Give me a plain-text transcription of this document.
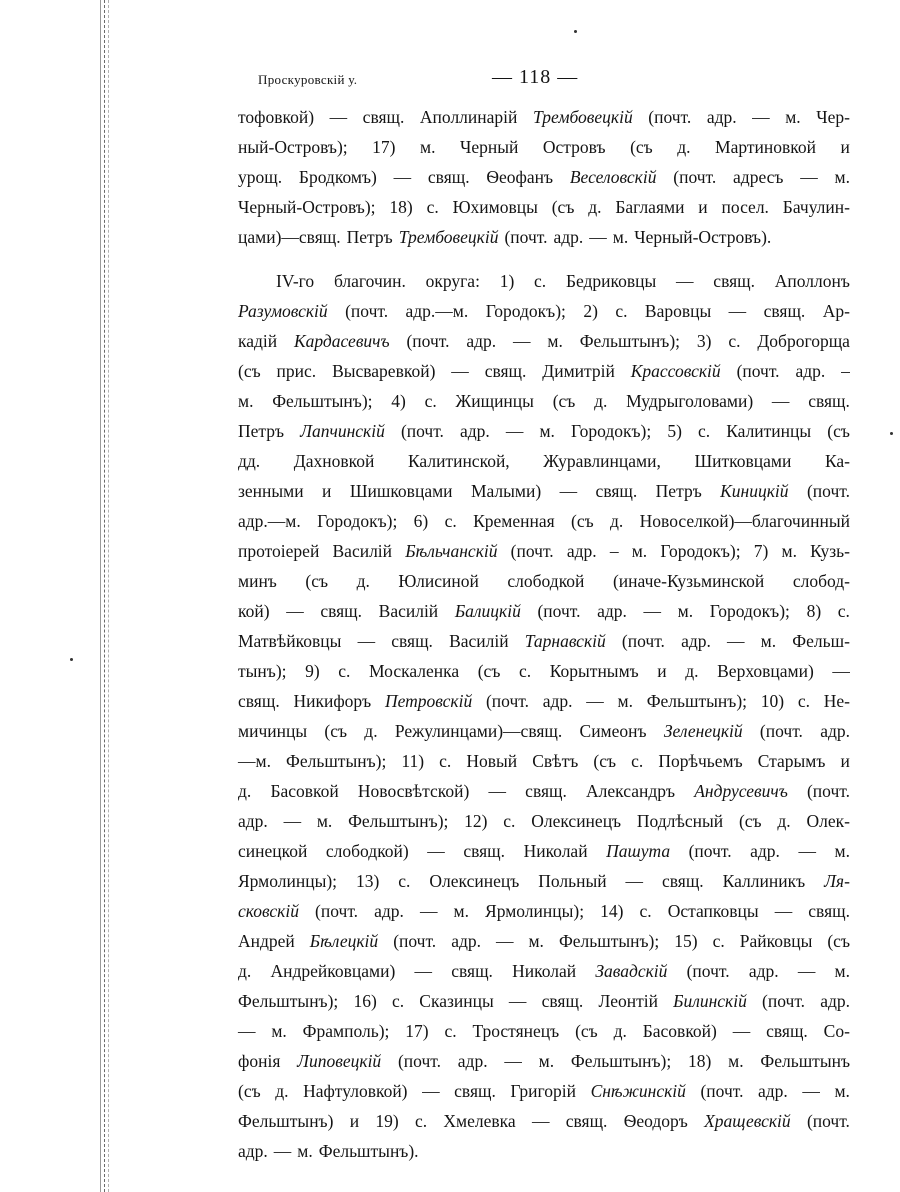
Проскуровскій у.	— 118 —
тофовкой) — свящ. Аполлинарій Трембовецкій (почт. адр. — м. Чер-
ный-Островъ); 17) м. Черный Островъ (съ д. Мартиновкой и
урощ. Бродкомъ) — свящ. Ѳеофанъ Веселовскій (почт. адресъ — м.
Черный-Островъ); 18) с. Юхимовцы (съ д. Баглаями и посел. Бачулин-
цами)—свящ. Петръ Трембовецкій (почт. адр. — м. Черный-Островъ).
IV-го благочин. округа: 1) с. Бедриковцы — свящ. Аполлонъ
Разумовскій (почт. адр.—м. Городокъ); 2) с. Варовцы — свящ. Ар-
кадій Кардасевичъ (почт. адр. — м. Фельштынъ); 3) с. Доброгорща
(съ прис. Высваревкой) — свящ. Димитрій Крассовскій (почт. адр. –
м. Фельштынъ); 4) с. Жищинцы (съ д. Мудрыголовами) — свящ.
Петръ Лапчинскій (почт. адр. — м. Городокъ); 5) с. Калитинцы (съ
дд. Дахновкой Калитинской, Журавлинцами, Шитковцами Ка-
зенными и Шишковцами Малыми) — свящ. Петръ Киницкій (почт.
адр.—м. Городокъ); 6) с. Кременная (съ д. Новоселкой)—благочинный
протоіерей Василій Бѣльчанскій (почт. адр. – м. Городокъ); 7) м. Кузь-
минъ (съ д. Юлисиной слободкой (иначе-Кузьминской слобод-
кой) — свящ. Василій Балицкій (почт. адр. — м. Городокъ); 8) с.
Матвѣйковцы — свящ. Василій Тарнавскій (почт. адр. — м. Фельш-
тынъ); 9) с. Москаленка (съ с. Корытнымъ и д. Верховцами) —
свящ. Никифоръ Петровскій (почт. адр. — м. Фельштынъ); 10) с. Не-
мичинцы (съ д. Режулинцами)—свящ. Симеонъ Зеленецкій (почт. адр.
—м. Фельштынъ); 11) с. Новый Свѣтъ (съ с. Порѣчьемъ Старымъ и
д. Басовкой Новосвѣтской) — свящ. Александръ Андрусевичъ (почт.
адр. — м. Фельштынъ); 12) с. Олексинецъ Подлѣсный (съ д. Олек-
синецкой слободкой) — свящ. Николай Пашута (почт. адр. — м.
Ярмолинцы); 13) с. Олексинецъ Польный — свящ. Каллиникъ Ля-
сковскій (почт. адр. — м. Ярмолинцы); 14) с. Остапковцы — свящ.
Андрей Бѣлецкій (почт. адр. — м. Фельштынъ); 15) с. Райковцы (съ
д. Андрейковцами) — свящ. Николай Завадскій (почт. адр. — м.
Фельштынъ); 16) с. Сказинцы — свящ. Леонтій Билинскій (почт. адр.
— м. Фрамполь); 17) с. Тростянецъ (съ д. Басовкой) — свящ. Со-
фонія Липовецкій (почт. адр. — м. Фельштынъ); 18) м. Фельштынъ
(съ д. Нафтуловкой) — свящ. Григорій Снѣжинскій (почт. адр. — м.
Фельштынъ) и 19) с. Хмелевка — свящ. Ѳеодоръ Хращевскій (почт.
адр. — м. Фельштынъ).
